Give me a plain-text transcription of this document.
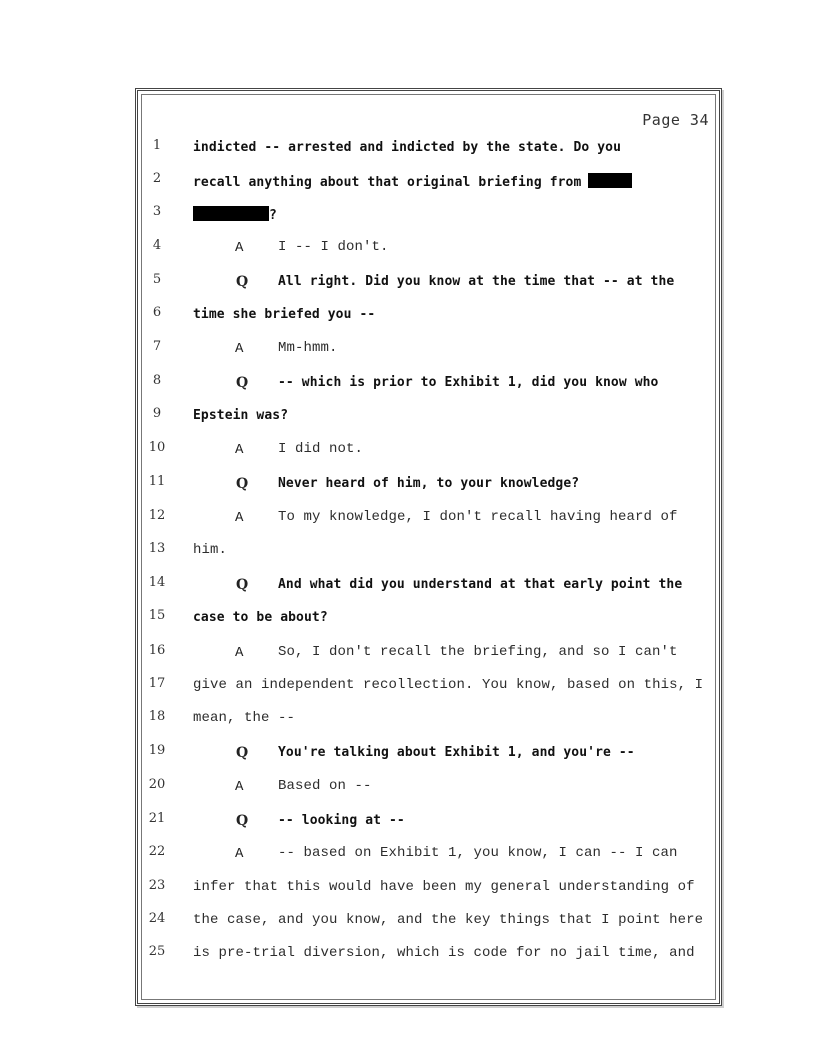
Page 34
1	indicted -- arrested and indicted by the state. Do you
2	recall anything about that original briefing from
3	?
4	A I -- I don't.
5	Q All right. Did you know at the time that -- at the
6	time she briefed you --
7	A Mm-hmm.
8	Q -- which is prior to Exhibit 1, did you know who
9	Epstein was?
10	A I did not.
11	Q Never heard of him, to your knowledge?
12	A To my knowledge, I don't recall having heard of
13 him.
14	Q And what did you understand at that early point the
15 case to be about?
16	A So, I don't recall the briefing, and so I can't
17 give an independent recollection. You know, based on this, I
18 mean, the --
19	Q You're talking about Exhibit 1, and you're --
20	A Based on --
21	Q -- looking at --
22	A -- based on Exhibit 1, you know, I can -- I can
23 infer that this would have been my general understanding of
24 the case, and you know, and the key things that I point here
25 is pre-trial diversion, which is code for no jail time, and
